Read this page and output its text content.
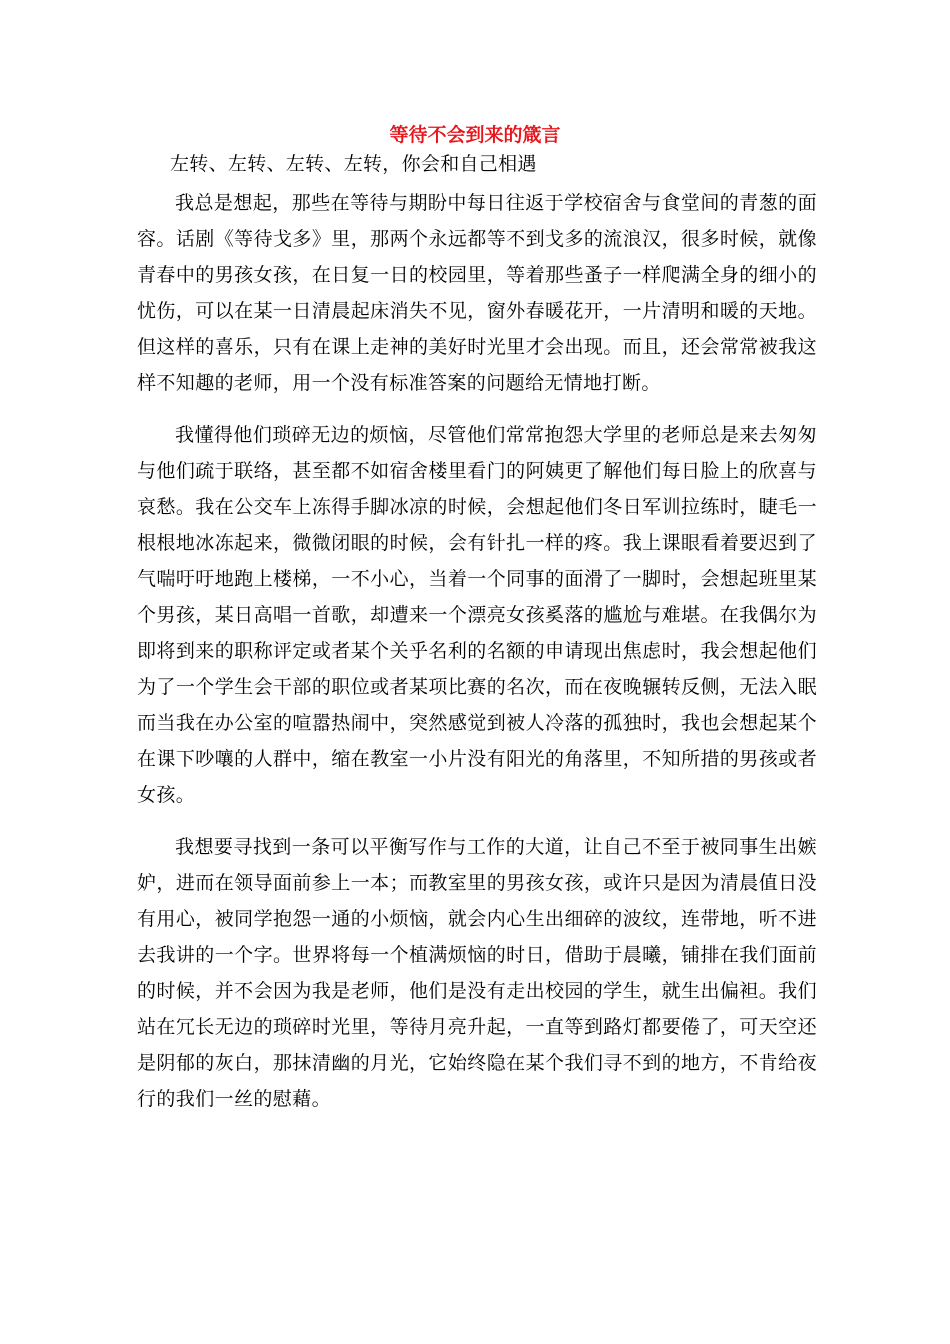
等待不会到来的箴言
左转、左转、左转、左转，你会和自己相遇

我总是想起，那些在等待与期盼中每日往返于学校宿舍与食堂间的青葱的面容。话剧《等待戈多》里，那两个永远都等不到戈多的流浪汉，很多时候，就像青春中的男孩女孩，在日复一日的校园里，等着那些蚤子一样爬满全身的细小的忧伤，可以在某一日清晨起床消失不见，窗外春暖花开，一片清明和暖的天地。但这样的喜乐，只有在课上走神的美好时光里才会出现。而且，还会常常被我这样不知趣的老师，用一个没有标准答案的问题给无情地打断。

我懂得他们琐碎无边的烦恼，尽管他们常常抱怨大学里的老师总是来去匆匆与他们疏于联络，甚至都不如宿舍楼里看门的阿姨更了解他们每日脸上的欣喜与哀愁。我在公交车上冻得手脚冰凉的时候，会想起他们冬日军训拉练时，睫毛一根根地冰冻起来，微微闭眼的时候，会有针扎一样的疼。我上课眼看着要迟到了气喘吁吁地跑上楼梯，一不小心，当着一个同事的面滑了一脚时，会想起班里某个男孩，某日高唱一首歌，却遭来一个漂亮女孩奚落的尴尬与难堪。在我偶尔为即将到来的职称评定或者某个关乎名利的名额的申请现出焦虑时，我会想起他们为了一个学生会干部的职位或者某项比赛的名次，而在夜晚辗转反侧，无法入眠而当我在办公室的喧嚣热闹中，突然感觉到被人冷落的孤独时，我也会想起某个在课下吵嚷的人群中，缩在教室一小片没有阳光的角落里，不知所措的男孩或者女孩。

我想要寻找到一条可以平衡写作与工作的大道，让自己不至于被同事生出嫉妒，进而在领导面前参上一本；而教室里的男孩女孩，或许只是因为清晨值日没有用心，被同学抱怨一通的小烦恼，就会内心生出细碎的波纹，连带地，听不进去我讲的一个字。世界将每一个植满烦恼的时日，借助于晨曦，铺排在我们面前的时候，并不会因为我是老师，他们是没有走出校园的学生，就生出偏袒。我们站在冗长无边的琐碎时光里，等待月亮升起，一直等到路灯都要倦了，可天空还是阴郁的灰白，那抹清幽的月光，它始终隐在某个我们寻不到的地方，不肯给夜行的我们一丝的慰藉。
